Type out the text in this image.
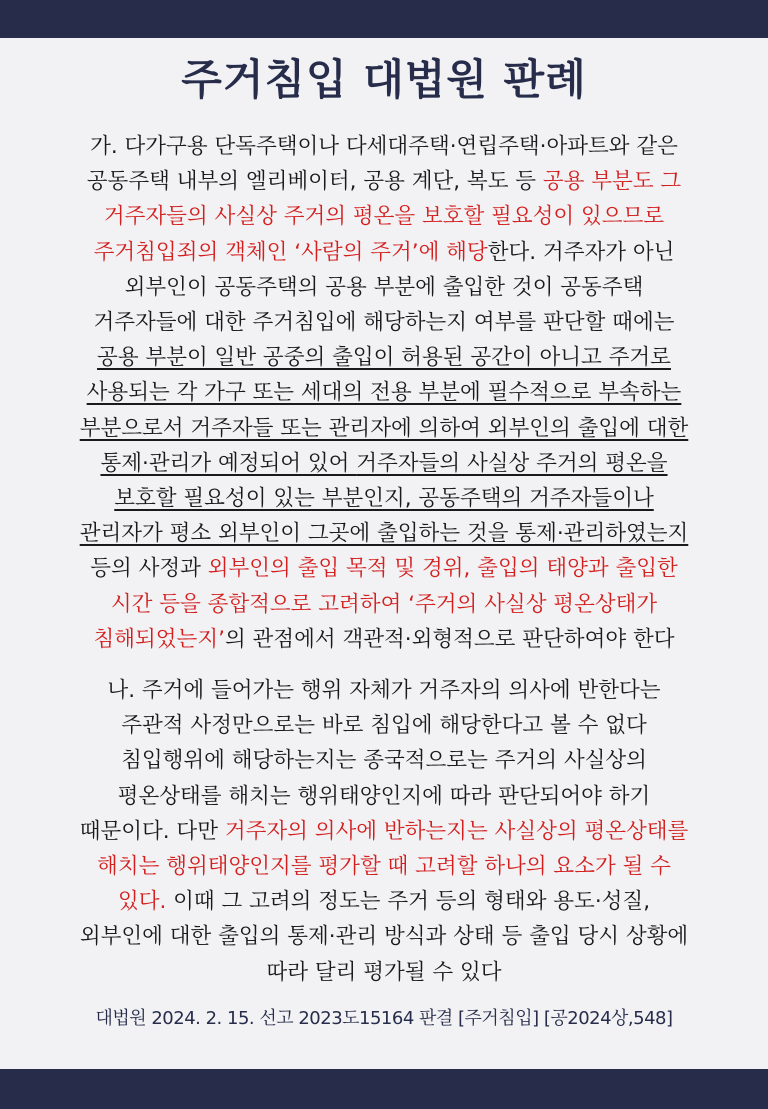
주거침입 대법원 판례
가. 다가구용 단독주택이나 다세대주택·연립주택·아파트와 같은
공동주택 내부의 엘리베이터, 공용 계단, 복도 등 공용 부분도 그
거주자들의 사실상 주거의 평온을 보호할 필요성이 있으므로
주거침입죄의 객체인 ‘사람의 주거’에 해당한다. 거주자가 아닌
외부인이 공동주택의 공용 부분에 출입한 것이 공동주택
거주자들에 대한 주거침입에 해당하는지 여부를 판단할 때에는
공용 부분이 일반 공중의 출입이 허용된 공간이 아니고 주거로
사용되는 각 가구 또는 세대의 전용 부분에 필수적으로 부속하는
부분으로서 거주자들 또는 관리자에 의하여 외부인의 출입에 대한
통제·관리가 예정되어 있어 거주자들의 사실상 주거의 평온을
보호할 필요성이 있는 부분인지, 공동주택의 거주자들이나
관리자가 평소 외부인이 그곳에 출입하는 것을 통제·관리하였는지
등의 사정과 외부인의 출입 목적 및 경위, 출입의 태양과 출입한
시간 등을 종합적으로 고려하여 ‘주거의 사실상 평온상태가
침해되었는지’의 관점에서 객관적·외형적으로 판단하여야 한다
나. 주거에 들어가는 행위 자체가 거주자의 의사에 반한다는
주관적 사정만으로는 바로 침입에 해당한다고 볼 수 없다
침입행위에 해당하는지는 종국적으로는 주거의 사실상의
평온상태를 해치는 행위태양인지에 따라 판단되어야 하기
때문이다. 다만 거주자의 의사에 반하는지는 사실상의 평온상태를
해치는 행위태양인지를 평가할 때 고려할 하나의 요소가 될 수
있다. 이때 그 고려의 정도는 주거 등의 형태와 용도·성질,
외부인에 대한 출입의 통제·관리 방식과 상태 등 출입 당시 상황에
따라 달리 평가될 수 있다
대법원 2024. 2. 15. 선고 2023도15164 판결 [주거침입] [공2024상,548]
